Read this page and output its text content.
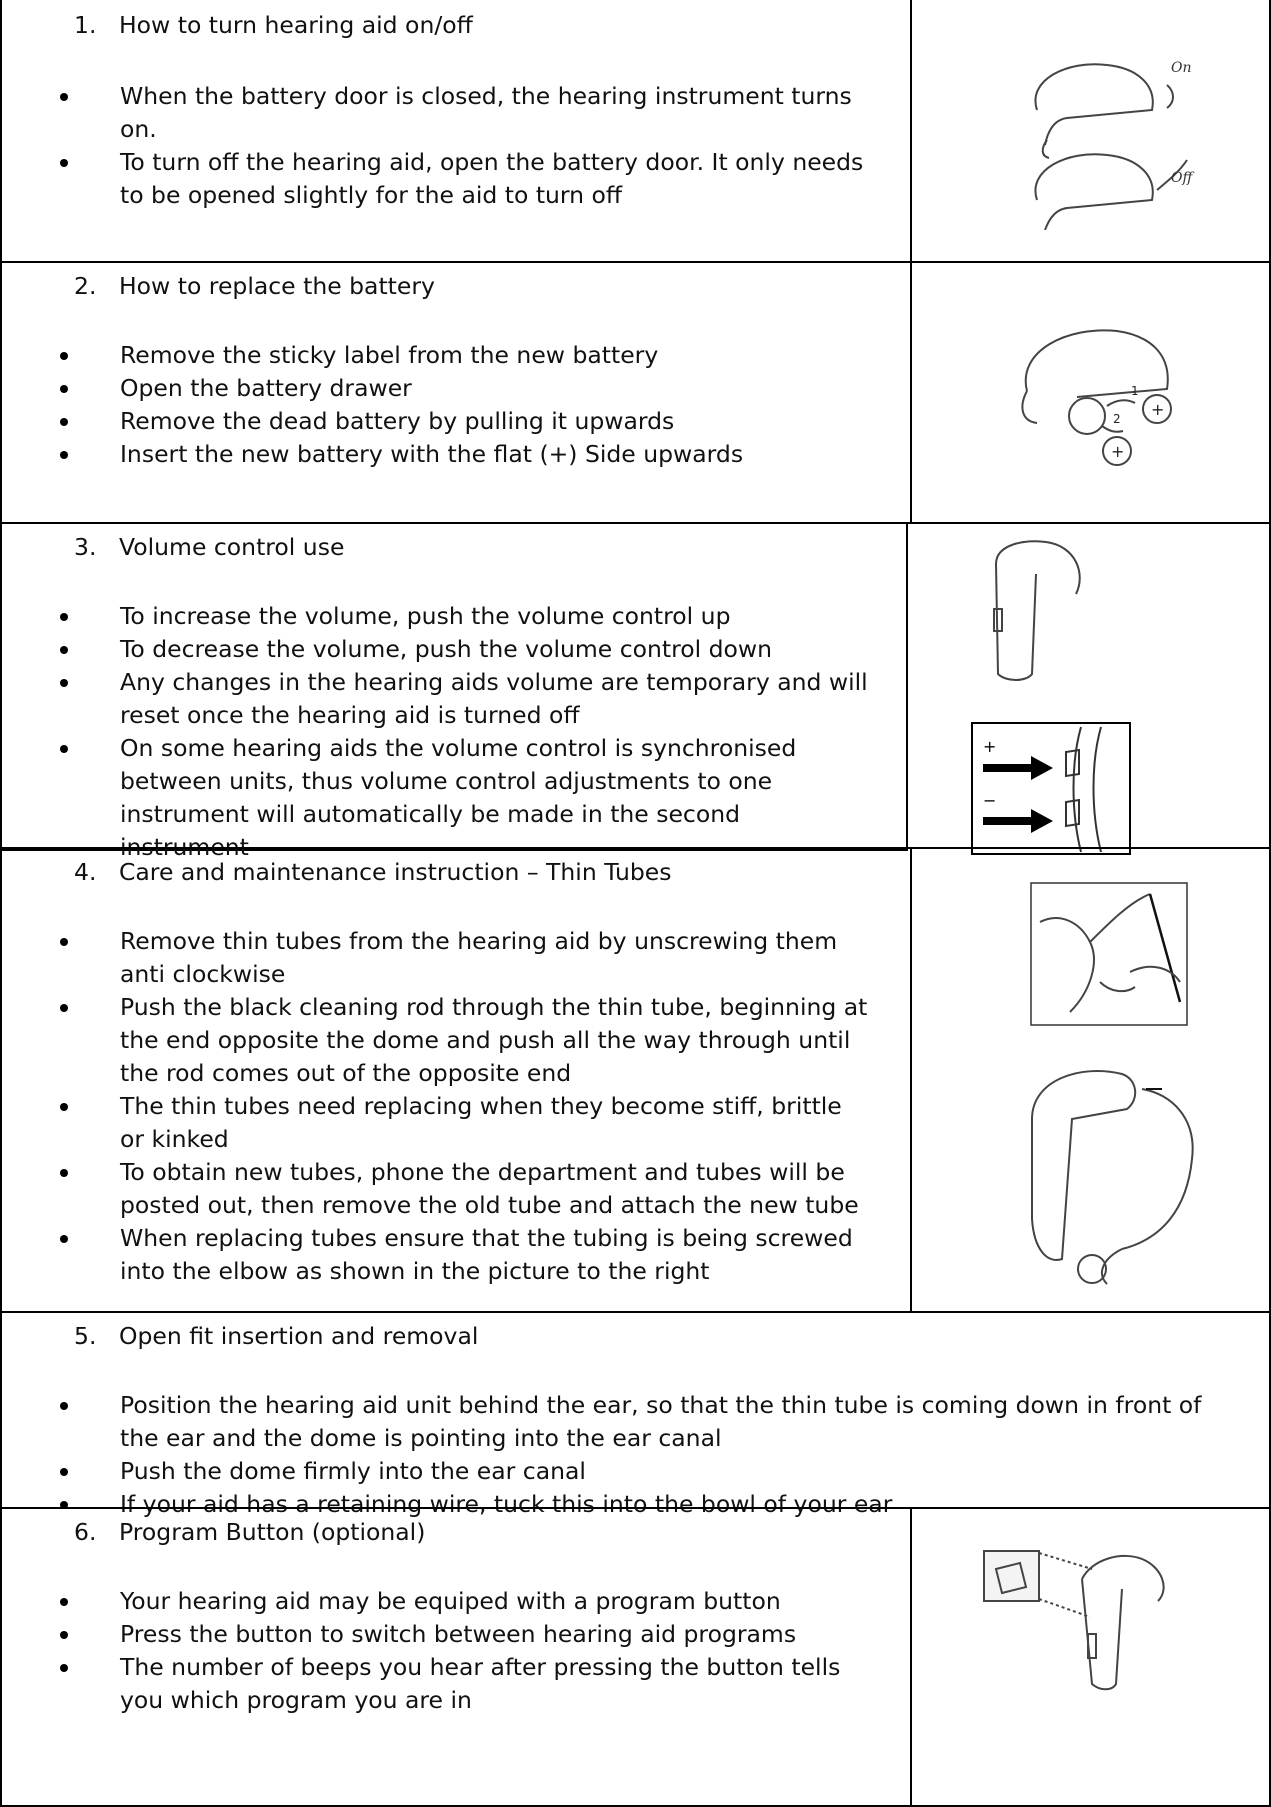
1. How to turn hearing aid on/off
When the battery door is closed, the hearing instrument turns on.
To turn off the hearing aid, open the battery door. It only needs to be opened slightly for the aid to turn off
On
Off
2. How to replace the battery
Remove the sticky label from the new battery
Open the battery drawer
Remove the dead battery by pulling it upwards
Insert the new battery with the flat (+) Side upwards
1
2 +
+
3. Volume control use
To increase the volume, push the volume control up
To decrease the volume, push the volume control down
Any changes in the hearing aids volume are temporary and will reset once the hearing aid is turned off
On some hearing aids the volume control is synchronised between units, thus volume control adjustments to one instrument will automatically be made in the second instrument
+
−
4. Care and maintenance instruction – Thin Tubes
Remove thin tubes from the hearing aid by unscrewing them anti clockwise
Push the black cleaning rod through the thin tube, beginning at the end opposite the dome and push all the way through until the rod comes out of the opposite end
The thin tubes need replacing when they become stiff, brittle or kinked
To obtain new tubes, phone the department and tubes will be posted out, then remove the old tube and attach the new tube
When replacing tubes ensure that the tubing is being screwed into the elbow as shown in the picture to the right
5. Open fit insertion and removal
Position the hearing aid unit behind the ear, so that the thin tube is coming down in front of the ear and the dome is pointing into the ear canal
Push the dome firmly into the ear canal
If your aid has a retaining wire, tuck this into the bowl of your ear
6. Program Button (optional)
Your hearing aid may be equiped with a program button
Press the button to switch between hearing aid programs
The number of beeps you hear after pressing the button tells you which program you are in
